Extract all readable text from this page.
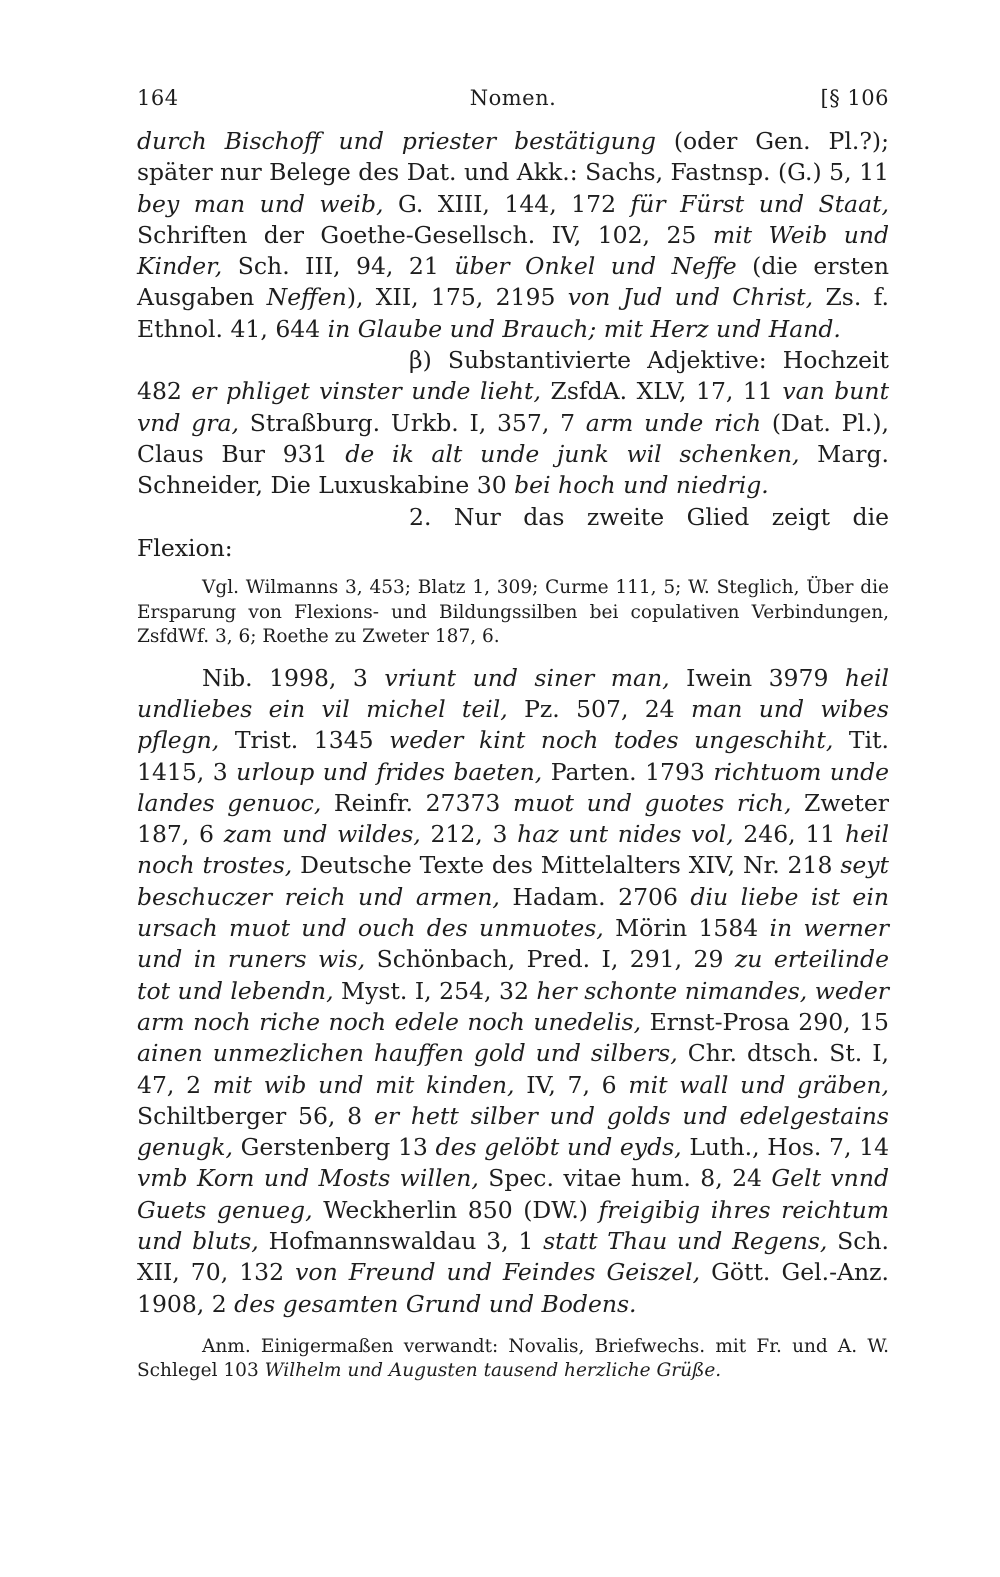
164	Nomen.	[§ 106

durch Bischoff und priester bestätigung (oder Gen. Pl.?); später nur Belege des Dat. und Akk.: Sachs, Fastnsp. (G.) 5, 11 bey man und weib, G. XIII, 144, 172 für Fürst und Staat, Schriften der Goethe-Gesellsch. IV, 102, 25 mit Weib und Kinder, Sch. III, 94, 21 über Onkel und Neffe (die ersten Ausgaben Neffen), XII, 175, 2195 von Jud und Christ, Zs. f. Ethnol. 41, 644 in Glaube und Brauch; mit Herz und Hand.

β) Substantivierte Adjektive: Hochzeit 482 er phliget vinster unde lieht, ZsfdA. XLV, 17, 11 van bunt vnd gra, Straßburg. Urkb. I, 357, 7 arm unde rich (Dat. Pl.), Claus Bur 931 de ik alt unde junk wil schenken, Marg. Schneider, Die Luxuskabine 30 bei hoch und niedrig.

2. Nur das zweite Glied zeigt die Flexion:

Vgl. Wilmanns 3, 453; Blatz 1, 309; Curme 111, 5; W. Steglich, Über die Ersparung von Flexions- und Bildungssilben bei copulativen Verbindungen, ZsfdWf. 3, 6; Roethe zu Zweter 187, 6.

Nib. 1998, 3 vriunt und siner man, Iwein 3979 heil undliebes ein vil michel teil, Pz. 507, 24 man und wibes pflegn, Trist. 1345 weder kint noch todes ungeschiht, Tit. 1415, 3 urloup und frides baeten, Parten. 1793 richtuom unde landes genuoc, Reinfr. 27373 muot und guotes rich, Zweter 187, 6 zam und wildes, 212, 3 haz unt nides vol, 246, 11 heil noch trostes, Deutsche Texte des Mittelalters XIV, Nr. 218 seyt beschuczer reich und armen, Hadam. 2706 diu liebe ist ein ursach muot und ouch des unmuotes, Mörin 1584 in werner und in runers wis, Schönbach, Pred. I, 291, 29 zu erteilinde tot und lebendn, Myst. I, 254, 32 her schonte nimandes, weder arm noch riche noch edele noch unedelis, Ernst-Prosa 290, 15 ainen unmezlichen hauffen gold und silbers, Chr. dtsch. St. I, 47, 2 mit wib und mit kinden, IV, 7, 6 mit wall und gräben, Schiltberger 56, 8 er hett silber und golds und edelgestains genugk, Gerstenberg 13 des gelöbt und eyds, Luth., Hos. 7, 14 vmb Korn und Mosts willen, Spec. vitae hum. 8, 24 Gelt vnnd Guets genueg, Weckherlin 850 (DW.) freigibig ihres reichtum und bluts, Hofmannswaldau 3, 1 statt Thau und Regens, Sch. XII, 70, 132 von Freund und Feindes Geiszel, Gött. Gel.-Anz. 1908, 2 des gesamten Grund und Bodens.

Anm. Einigermaßen verwandt: Novalis, Briefwechs. mit Fr. und A. W. Schlegel 103 Wilhelm und Augusten tausend herzliche Grüße.
